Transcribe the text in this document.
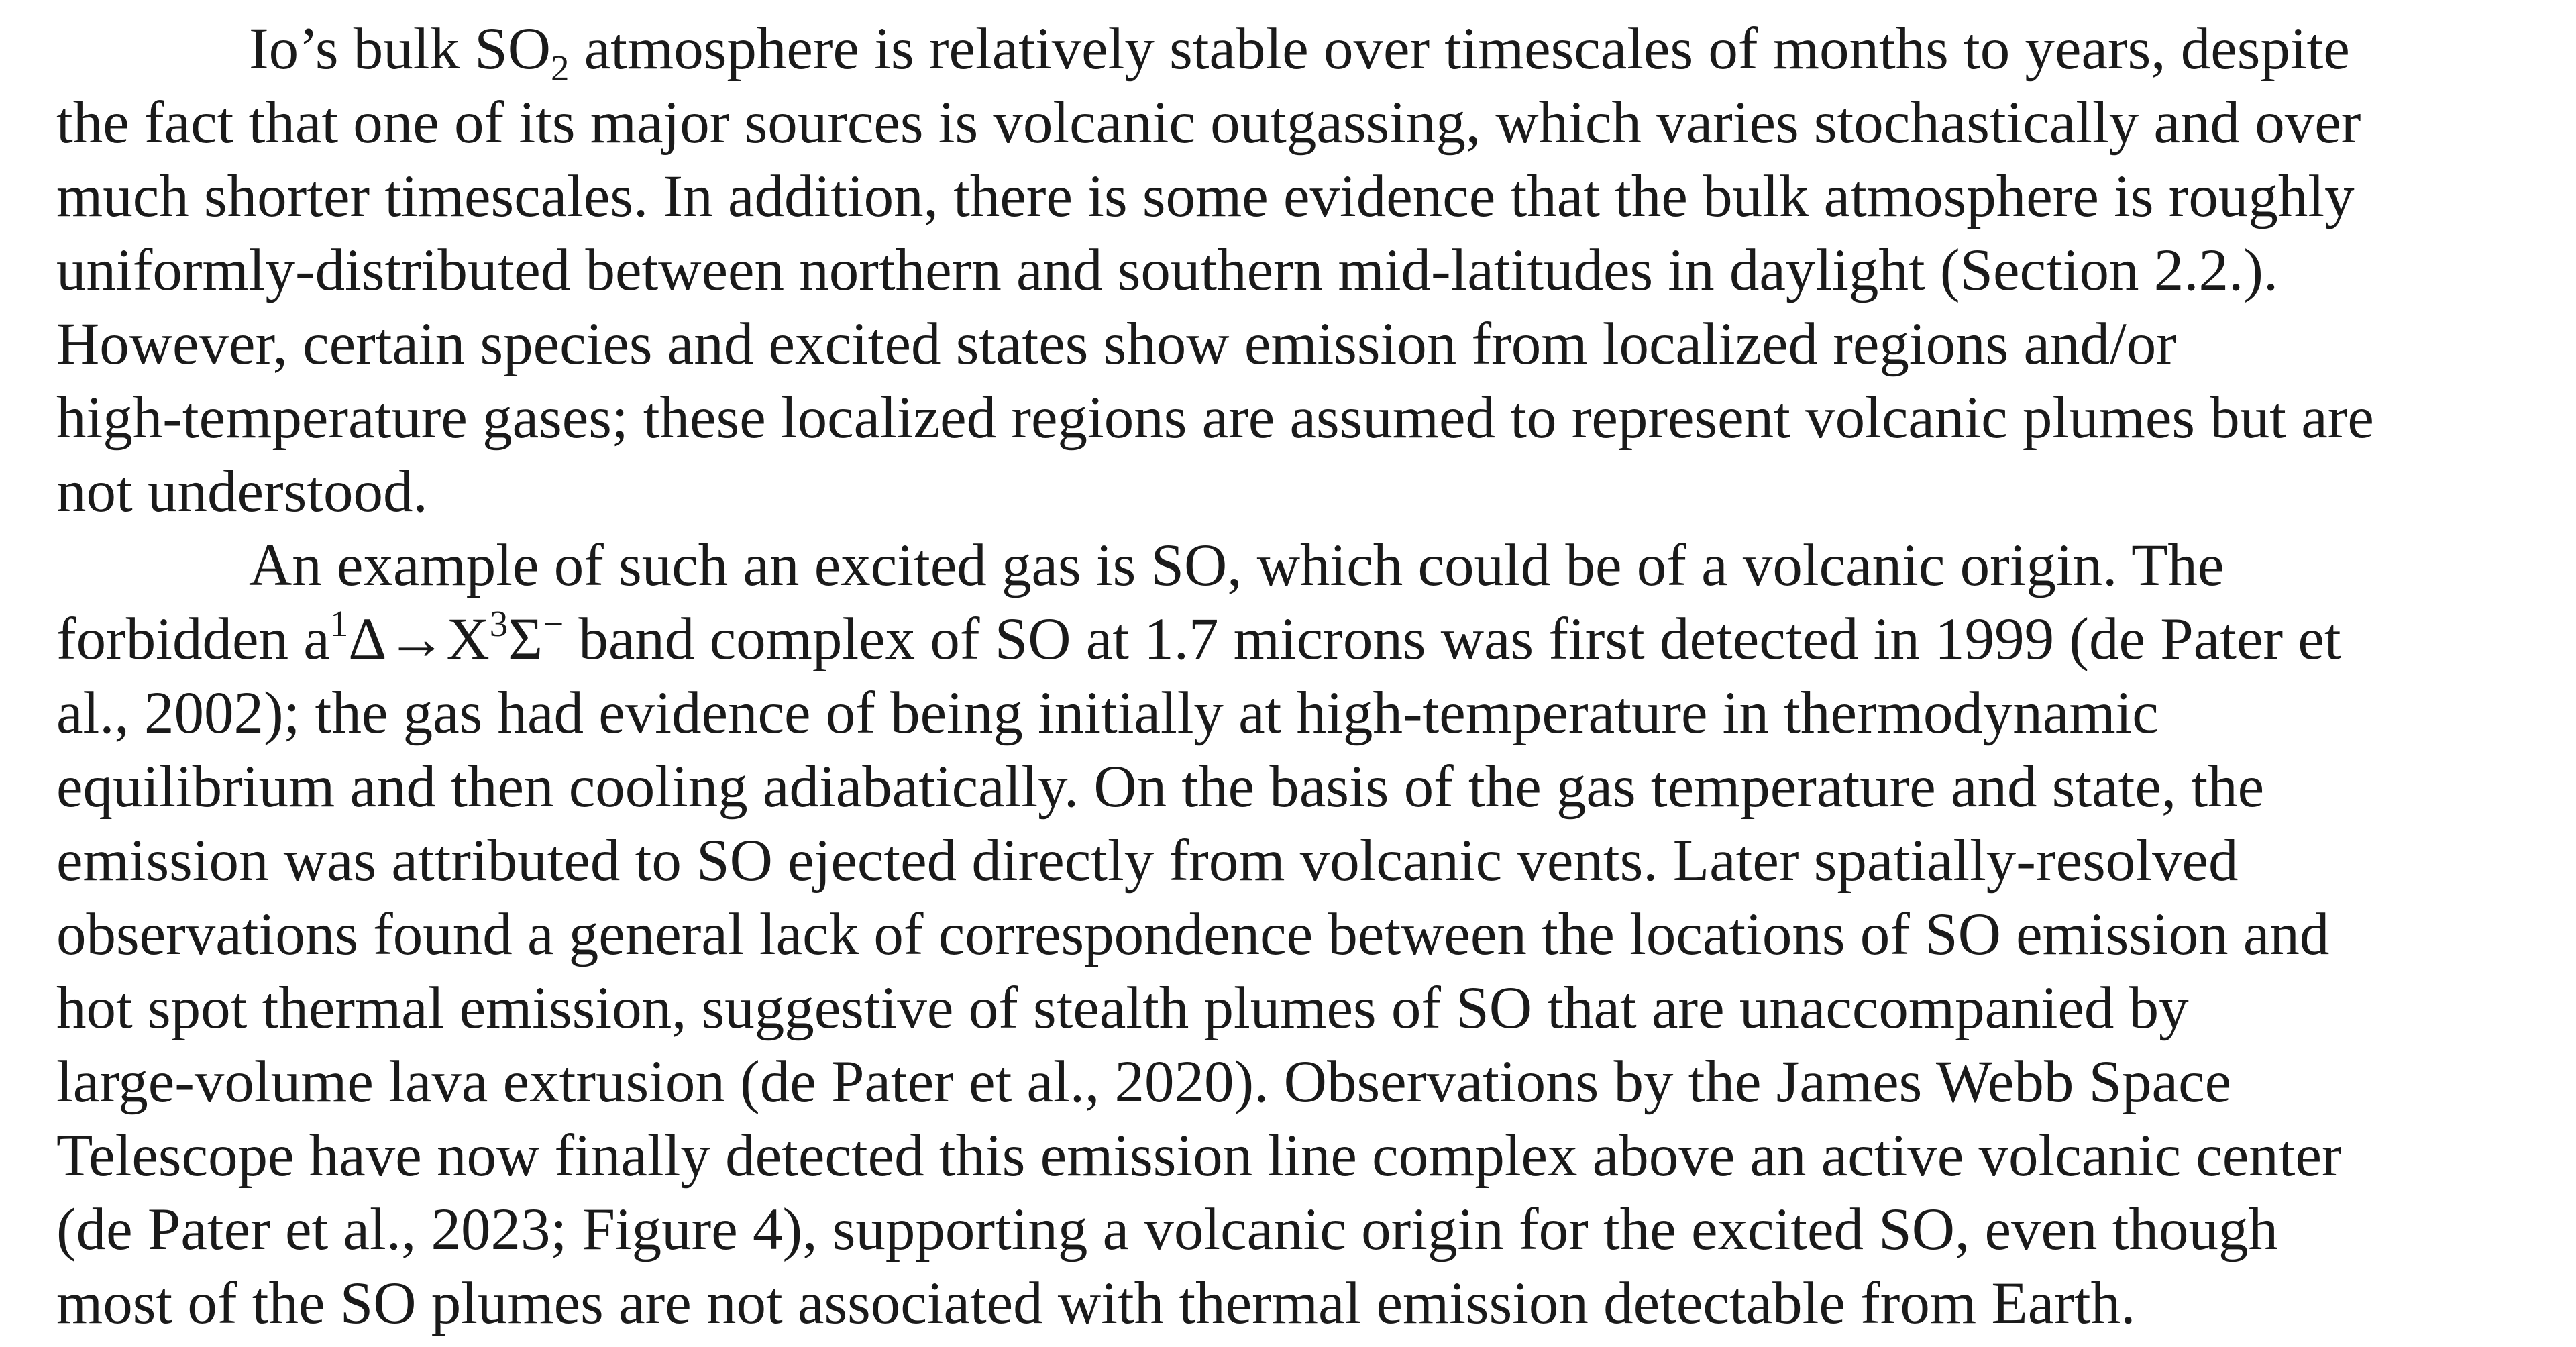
Io’s bulk $SO_2$ atmosphere is relatively stable over timescales of months to years, despite
the fact that one of its major sources is volcanic outgassing, which varies stochastically and over
much shorter timescales. In addition, there is some evidence that the bulk atmosphere is roughly
uniformly-distributed between northern and southern mid-latitudes in daylight (Section 2.2.).
However, certain species and excited states show emission from localized regions and/or
high-temperature gases; these localized regions are assumed to represent volcanic plumes but are
not understood.
An example of such an excited gas is SO, which could be of a volcanic origin. The
forbidden $a^1\Delta\to X^3\Sigma^-$ band complex of SO at 1.7 microns was first detected in 1999 (de Pater et
al., 2002); the gas had evidence of being initially at high-temperature in thermodynamic
equilibrium and then cooling adiabatically. On the basis of the gas temperature and state, the
emission was attributed to SO ejected directly from volcanic vents. Later spatially-resolved
observations found a general lack of correspondence between the locations of SO emission and
hot spot thermal emission, suggestive of stealth plumes of SO that are unaccompanied by
large-volume lava extrusion (de Pater et al., 2020). Observations by the James Webb Space
Telescope have now finally detected this emission line complex above an active volcanic center
(de Pater et al., 2023; Figure 4), supporting a volcanic origin for the excited SO, even though
most of the SO plumes are not associated with thermal emission detectable from Earth.
